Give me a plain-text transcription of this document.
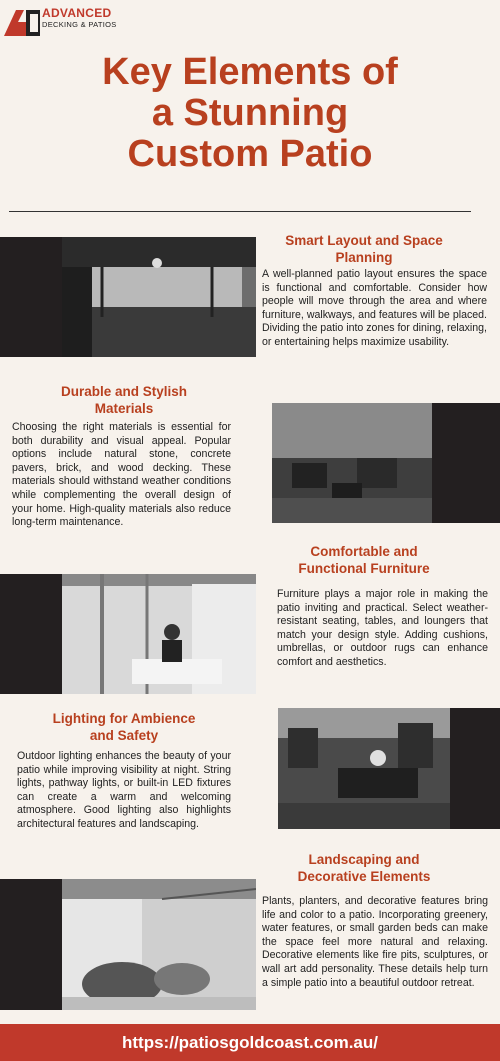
ADVANCED
DECKING & PATIOS
Key Elements of
a Stunning
Custom Patio
Smart Layout and Space
Planning

A well-planned patio layout ensures the space is functional and comfortable. Consider how people will move through the area and where furniture, walkways, and features will be placed. Dividing the patio into zones for dining, relaxing, or entertaining helps maximize usability.

Durable and Stylish
Materials

Choosing the right materials is essential for both durability and visual appeal. Popular options include natural stone, concrete pavers, brick, and wood decking. These materials should withstand weather conditions while complementing the overall design of your home. High-quality materials also reduce long-term maintenance.

Comfortable and
Functional Furniture

Furniture plays a major role in making the patio inviting and practical. Select weather-resistant seating, tables, and loungers that match your design style. Adding cushions, umbrellas, or outdoor rugs can enhance comfort and aesthetics.

Lighting for Ambience
and Safety

Outdoor lighting enhances the beauty of your patio while improving visibility at night. String lights, pathway lights, or built-in LED fixtures can create a warm and welcoming atmosphere. Good lighting also highlights architectural features and landscaping.

Landscaping and
Decorative Elements

Plants, planters, and decorative features bring life and color to a patio. Incorporating greenery, water features, or small garden beds can make the space feel more natural and relaxing. Decorative elements like fire pits, sculptures, or wall art add personality. These details help turn a simple patio into a beautiful outdoor retreat.

https://patiosgoldcoast.com.au/
